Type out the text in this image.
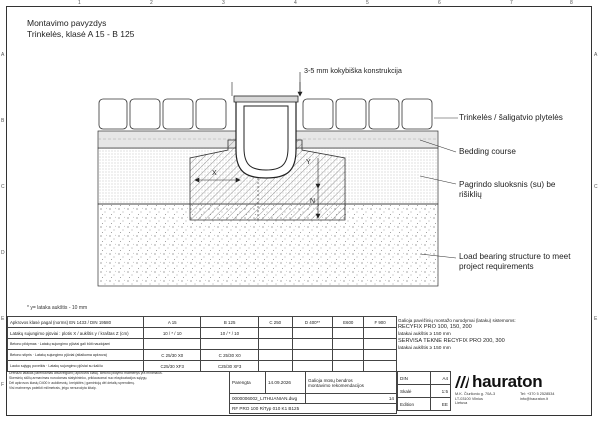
1	2	3	4	5	6	7	8
A
B
C
D
E
F
A
C
E
Montavimo pavyzdys
Trinkelės, klasė A 15 - B 125
3-5 mm kokybiška konstrukcija
Trinkelės / šaligatvio plytelės
Bedding course
Pagrindo sluoksnis (su) be rišiklių
Load bearing structure to meet project requirements
X
Y
N
* y= lataka aukštis - 10 mm
Apkrovos klasė pagal (norms) EN 1433 / DIN 19580	A 15	B 125	C 250	D 400**	E600	F 900
Latakų sujungimo pjūviai : plotis X / aukštis y / kraštas Z (cm)	10 / * / 10	10 / * / 10				
Betono pildymas · Latakų sujungimo pjūviai gali būti naudojami						
Betono stipris · Latakų sujungimo pjūviai (atlaikoma apkrova)	C 25/30 X0	C 25/30 X0				
Lauko sąlygų poveikis · Latakų sujungimo pjūviai su šalčiu	C25/30 XF3	C25/30 XF3				
Drenažo latakas parenkamas atsižvelgiant į apkrovos klasę. Betono pildymo matmenys yra minimalūs.
Skersinių siūlių armavimas nurodomas statybininko, priklausomai nuo eksploatacijos sąlygų.
Dėl apkrovos klasių D400 ir aukštesnių, kreipkitės į gamintoją dėl detalių sprendimų.
Visi matmenys pateikti milimetrais, jeigu nenurodyta kitaip.
Parengta	14.09.2026	Galioja mūsų bendros
montavimo rekomendacijos

0000006002_LITHUANIAN.dwg		14
RF PRO 100 RiTyp 010 K1 B125		
Galioja pavėžinių montažo nurodymai (lataku) sistemoms:
RECYFIX PRO 100, 150, 200
latakai aukštis ≥ 150 mm
SERVISA TEKNE RECYFIX PRO 200, 300
latakai aukštis ≥ 150 mm
DIN	A4
Skalė	1:5
Edition	EE
hauraton
M.K. Čiurlionio g. 70A-3
LT-03100 Vilnius
Lietuva
Tel: +370 5 2528534
info@hauraton.lt
